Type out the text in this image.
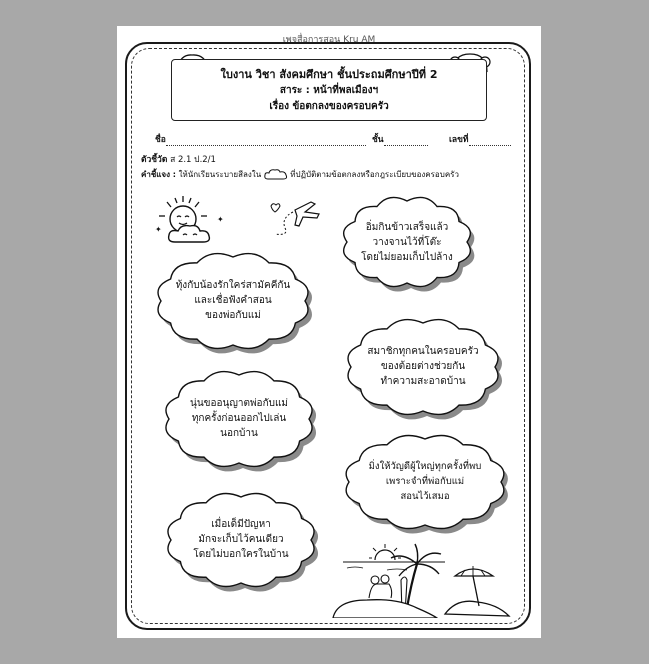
เพจสื่อการสอน Kru AM
ใบงาน วิชา สังคมศึกษา ชั้นประถมศึกษาปีที่ 2
สาระ : หน้าที่พลเมืองฯ
เรื่อง ข้อตกลงของครอบครัว
ชื่อ	ชั้น	เลขที่
ตัวชี้วัด ส 2.1 ป.2/1
คำชี้แจง : ให้นักเรียนระบายสีลงใน	ที่ปฏิบัติตามข้อตกลงหรือกฎระเบียบของครอบครัว
✦
✦
อิ่มกินข้าวเสร็จแล้ว
วางจานไว้ที่โต๊ะ
โดยไม่ยอมเก็บไปล้าง
ทุ้งกับน้องรักใคร่สามัคคีกัน
และเชื่อฟังคำสอน
ของพ่อกับแม่
สมาชิกทุกคนในครอบครัว
ของต้อยต่างช่วยกัน
ทำความสะอาดบ้าน
นุ่นขออนุญาตพ่อกับแม่
ทุกครั้งก่อนออกไปเล่น
นอกบ้าน
มิ่งให้วัญดีผู้ใหญ่ทุกครั้งที่พบ
เพราะจำที่พ่อกับแม่
สอนไว้เสมอ
เมื่อเด็มีปัญหา
มักจะเก็บไว้คนเดียว
โดยไม่บอกใครในบ้าน
